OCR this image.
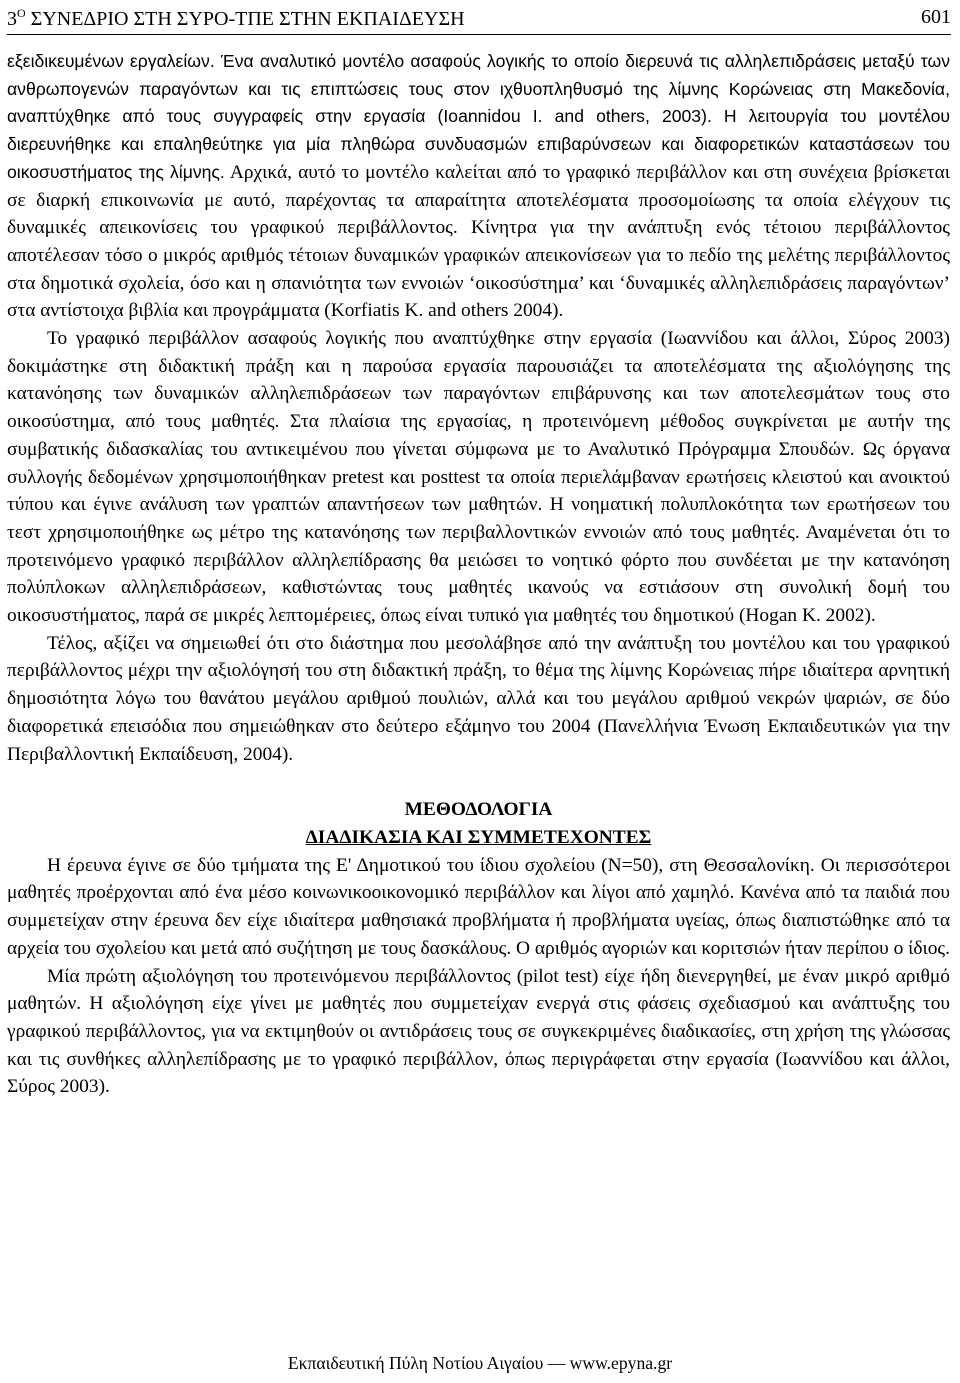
$3^O$ ΣΥΝΕΔΡΙΟ ΣΤΗ ΣΥΡΟ-ΤΠΕ ΣΤΗΝ ΕΚΠΑΙΔΕΥΣΗ	601

εξειδικευμένων εργαλείων. Ένα αναλυτικό μοντέλο ασαφούς λογικής το οποίο διερευνά τις αλληλεπιδράσεις μεταξύ των ανθρωπογενών παραγόντων και τις επιπτώσεις τους στον ιχθυοπληθυσμό της λίμνης Κορώνειας στη Μακεδονία, αναπτύχθηκε από τους συγγραφείς στην εργασία (Ioannidou I. and others, 2003). Η λειτουργία του μοντέλου διερευνήθηκε και επαληθεύτηκε για μία πληθώρα συνδυασμών επιβαρύνσεων και διαφορετικών καταστάσεων του οικοσυστήματος της λίμνης. Αρχικά, αυτό το μοντέλο καλείται από το γραφικό περιβάλλον και στη συνέχεια βρίσκεται σε διαρκή επικοινωνία με αυτό, παρέχοντας τα απαραίτητα αποτελέσματα προσομοίωσης τα οποία ελέγχουν τις δυναμικές απεικονίσεις του γραφικού περιβάλλοντος. Κίνητρα για την ανάπτυξη ενός τέτοιου περιβάλλοντος αποτέλεσαν τόσο ο μικρός αριθμός τέτοιων δυναμικών γραφικών απεικονίσεων για το πεδίο της μελέτης περιβάλλοντος στα δημοτικά σχολεία, όσο και η σπανιότητα των εννοιών ‘οικοσύστημα’ και ‘δυναμικές αλληλεπιδράσεις παραγόντων’ στα αντίστοιχα βιβλία και προγράμματα (Korfiatis K. and others 2004).

Το γραφικό περιβάλλον ασαφούς λογικής που αναπτύχθηκε στην εργασία (Ιωαννίδου και άλλοι, Σύρος 2003) δοκιμάστηκε στη διδακτική πράξη και η παρούσα εργασία παρουσιάζει τα αποτελέσματα της αξιολόγησης της κατανόησης των δυναμικών αλληλεπιδράσεων των παραγόντων επιβάρυνσης και των αποτελεσμάτων τους στο οικοσύστημα, από τους μαθητές. Στα πλαίσια της εργασίας, η προτεινόμενη μέθοδος συγκρίνεται με αυτήν της συμβατικής διδασκαλίας του αντικειμένου που γίνεται σύμφωνα με το Αναλυτικό Πρόγραμμα Σπουδών. Ως όργανα συλλογής δεδομένων χρησιμοποιήθηκαν pretest και posttest τα οποία περιελάμβαναν ερωτήσεις κλειστού και ανοικτού τύπου και έγινε ανάλυση των γραπτών απαντήσεων των μαθητών. Η νοηματική πολυπλοκότητα των ερωτήσεων του τεστ χρησιμοποιήθηκε ως μέτρο της κατανόησης των περιβαλλοντικών εννοιών από τους μαθητές. Αναμένεται ότι το προτεινόμενο γραφικό περιβάλλον αλληλεπίδρασης θα μειώσει το νοητικό φόρτο που συνδέεται με την κατανόηση πολύπλοκων αλληλεπιδράσεων, καθιστώντας τους μαθητές ικανούς να εστιάσουν στη συνολική δομή του οικοσυστήματος, παρά σε μικρές λεπτομέρειες, όπως είναι τυπικό για μαθητές του δημοτικού (Hogan K. 2002).

Τέλος, αξίζει να σημειωθεί ότι στο διάστημα που μεσολάβησε από την ανάπτυξη του μοντέλου και του γραφικού περιβάλλοντος μέχρι την αξιολόγησή του στη διδακτική πράξη, το θέμα της λίμνης Κορώνειας πήρε ιδιαίτερα αρνητική δημοσιότητα λόγω του θανάτου μεγάλου αριθμού πουλιών, αλλά και του μεγάλου αριθμού νεκρών ψαριών, σε δύο διαφορετικά επεισόδια που σημειώθηκαν στο δεύτερο εξάμηνο του 2004 (Πανελλήνια Ένωση Εκπαιδευτικών για την Περιβαλλοντική Εκπαίδευση, 2004).

ΜΕΘΟΔΟΛΟΓΙΑ
ΔΙΑΔΙΚΑΣΙΑ ΚΑΙ ΣΥΜΜΕΤΕΧΟΝΤΕΣ

Η έρευνα έγινε σε δύο τμήματα της Ε' Δημοτικού του ίδιου σχολείου (N=50), στη Θεσσαλονίκη. Οι περισσότεροι μαθητές προέρχονται από ένα μέσο κοινωνικοοικονομικό περιβάλλον και λίγοι από χαμηλό. Κανένα από τα παιδιά που συμμετείχαν στην έρευνα δεν είχε ιδιαίτερα μαθησιακά προβλήματα ή προβλήματα υγείας, όπως διαπιστώθηκε από τα αρχεία του σχολείου και μετά από συζήτηση με τους δασκάλους. Ο αριθμός αγοριών και κοριτσιών ήταν περίπου ο ίδιος.

Μία πρώτη αξιολόγηση του προτεινόμενου περιβάλλοντος (pilot test) είχε ήδη διενεργηθεί, με έναν μικρό αριθμό μαθητών. Η αξιολόγηση είχε γίνει με μαθητές που συμμετείχαν ενεργά στις φάσεις σχεδιασμού και ανάπτυξης του γραφικού περιβάλλοντος, για να εκτιμηθούν οι αντιδράσεις τους σε συγκεκριμένες διαδικασίες, στη χρήση της γλώσσας και τις συνθήκες αλληλεπίδρασης με το γραφικό περιβάλλον, όπως περιγράφεται στην εργασία (Ιωαννίδου και άλλοι, Σύρος 2003).

Εκπαιδευτική Πύλη Νοτίου Αιγαίου — www.epyna.gr
